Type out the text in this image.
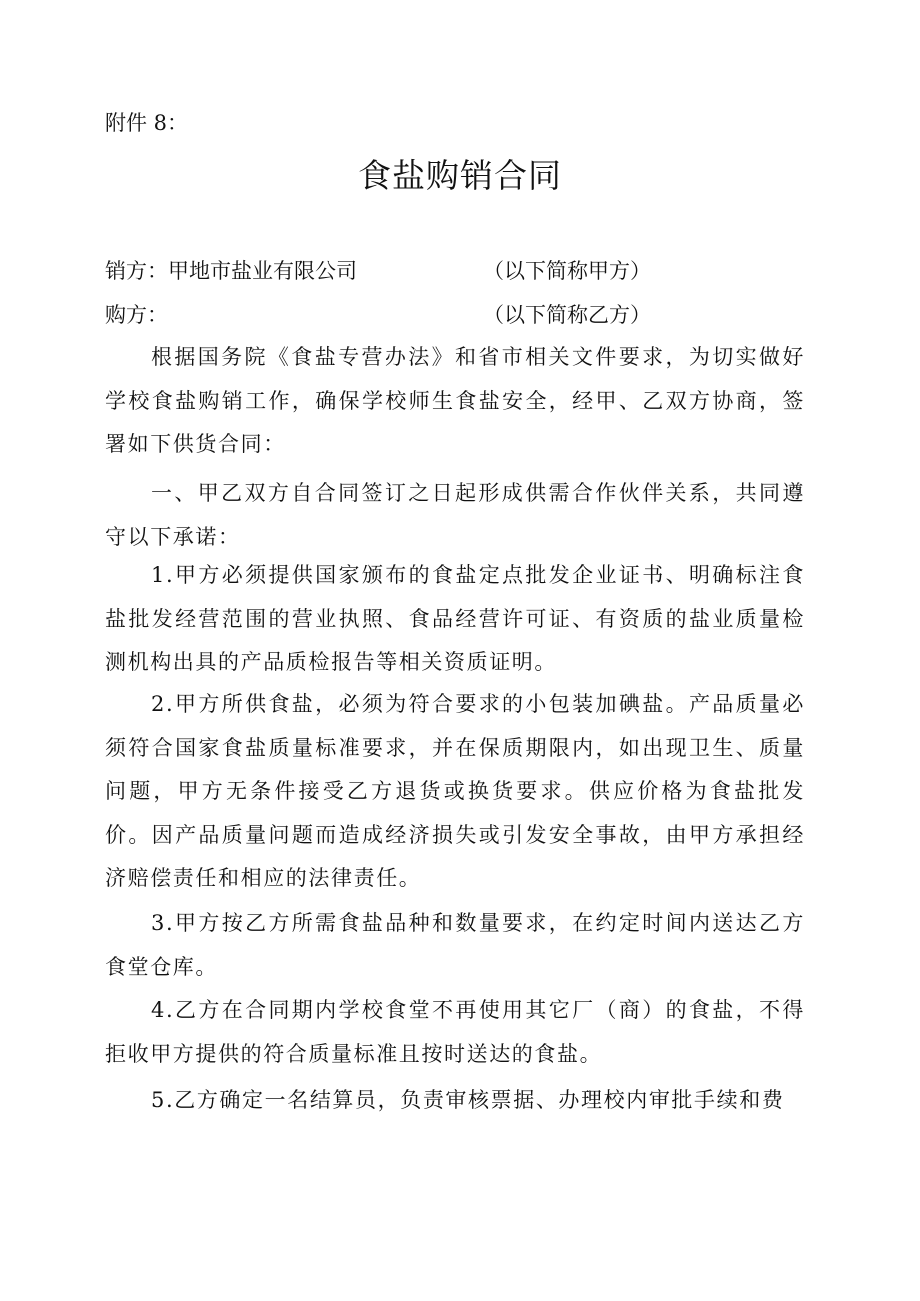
附件 8：
食盐购销合同
销方：甲地市盐业有限公司	（以下简称甲方）
购方：	（以下简称乙方）
根据国务院《食盐专营办法》和省市相关文件要求，为切实做好学校食盐购销工作，确保学校师生食盐安全，经甲、乙双方协商，签署如下供货合同：
一、甲乙双方自合同签订之日起形成供需合作伙伴关系，共同遵守以下承诺：
1.甲方必须提供国家颁布的食盐定点批发企业证书、明确标注食盐批发经营范围的营业执照、食品经营许可证、有资质的盐业质量检测机构出具的产品质检报告等相关资质证明。
2.甲方所供食盐，必须为符合要求的小包装加碘盐。产品质量必须符合国家食盐质量标准要求，并在保质期限内，如出现卫生、质量问题，甲方无条件接受乙方退货或换货要求。供应价格为食盐批发价。因产品质量问题而造成经济损失或引发安全事故，由甲方承担经济赔偿责任和相应的法律责任。
3.甲方按乙方所需食盐品种和数量要求，在约定时间内送达乙方食堂仓库。
4.乙方在合同期内学校食堂不再使用其它厂（商）的食盐，不得拒收甲方提供的符合质量标准且按时送达的食盐。
5.乙方确定一名结算员，负责审核票据、办理校内审批手续和费
